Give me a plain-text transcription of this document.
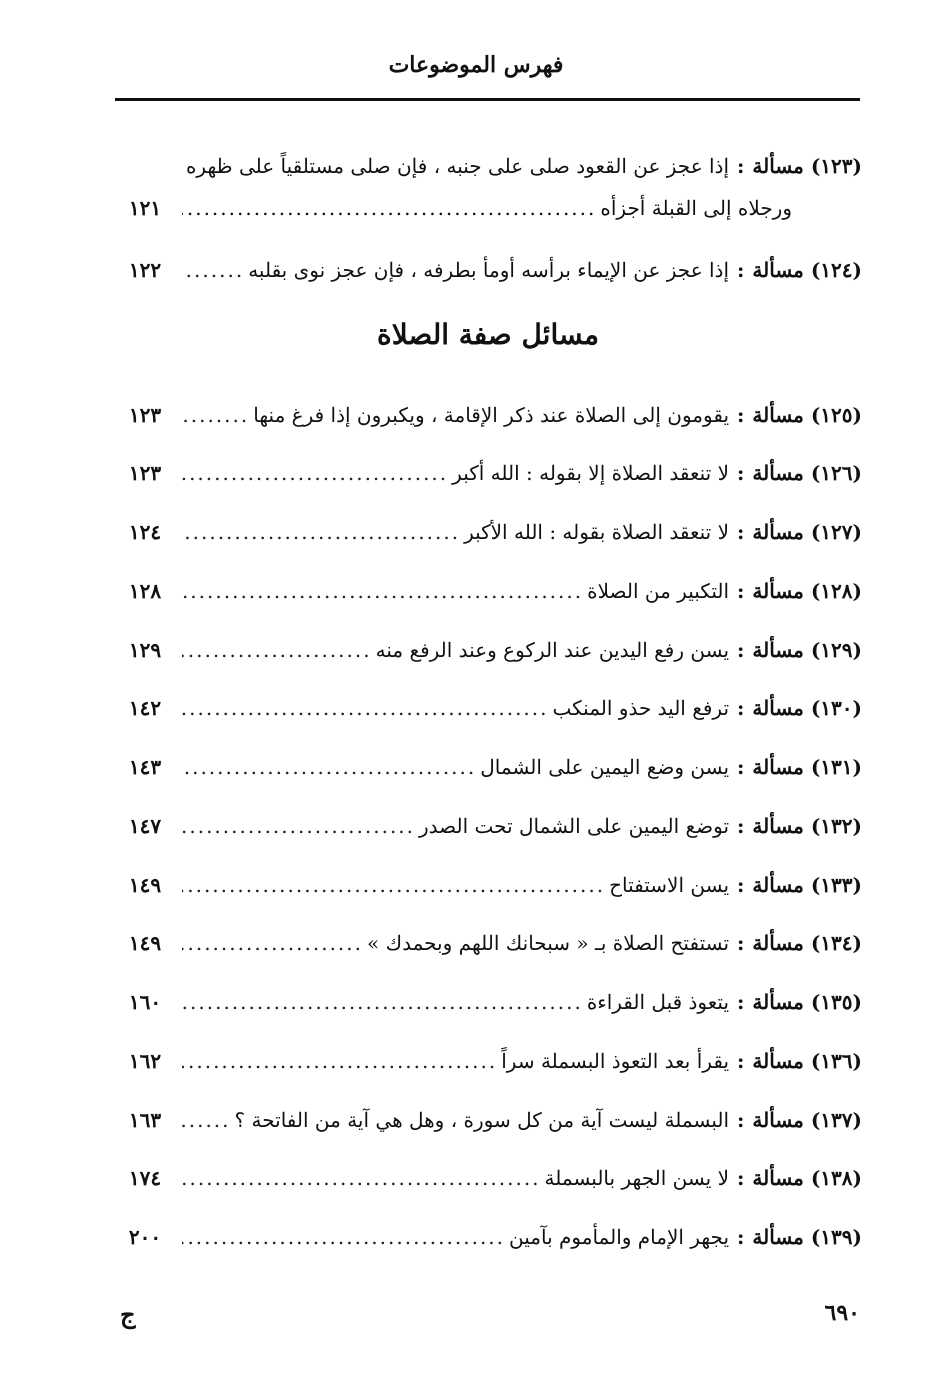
فهرس الموضوعات
(١٢٣) مسألة
:
إذا عجز عن القعود صلى على جنبه ، فإن صلى مستلقياً على ظهره
ورجلاه إلى القبلة أجزأه
.....
١٢١
(١٢٤) مسألة
:
إذا عجز عن الإيماء برأسه أومأ بطرفه ، فإن عجز نوى بقلبه
.....
١٢٢
مسائل صفة الصلاة
(١٢٥) مسألة
:
يقومون إلى الصلاة عند ذكر الإقامة ، ويكبرون إذا فرغ منها
.....
١٢٣
(١٢٦) مسألة
:
لا تنعقد الصلاة إلا بقوله : الله أكبر
.....
١٢٣
(١٢٧) مسألة
:
لا تنعقد الصلاة بقوله : الله الأكبر
.....
١٢٤
(١٢٨) مسألة
:
التكبير من الصلاة
.....
١٢٨
(١٢٩) مسألة
:
يسن رفع اليدين عند الركوع وعند الرفع منه
.....
١٢٩
(١٣٠) مسألة
:
ترفع اليد حذو المنكب
.....
١٤٢
(١٣١) مسألة
:
يسن وضع اليمين على الشمال
.....
١٤٣
(١٣٢) مسألة
:
توضع اليمين على الشمال تحت الصدر
.....
١٤٧
(١٣٣) مسألة
:
يسن الاستفتاح
.....
١٤٩
(١٣٤) مسألة
:
تستفتح الصلاة بـ « سبحانك اللهم وبحمدك »
.....
١٤٩
(١٣٥) مسألة
:
يتعوذ قبل القراءة
.....
١٦٠
(١٣٦) مسألة
:
يقرأ بعد التعوذ البسملة سراً
.....
١٦٢
(١٣٧) مسألة
:
البسملة ليست آية من كل سورة ، وهل هي آية من الفاتحة ؟
.....
١٦٣
(١٣٨) مسألة
:
لا يسن الجهر بالبسملة
.....
١٧٤
(١٣٩) مسألة
:
يجهر الإمام والمأموم بآمين
.....
٢٠٠
٦٩٠
ج
